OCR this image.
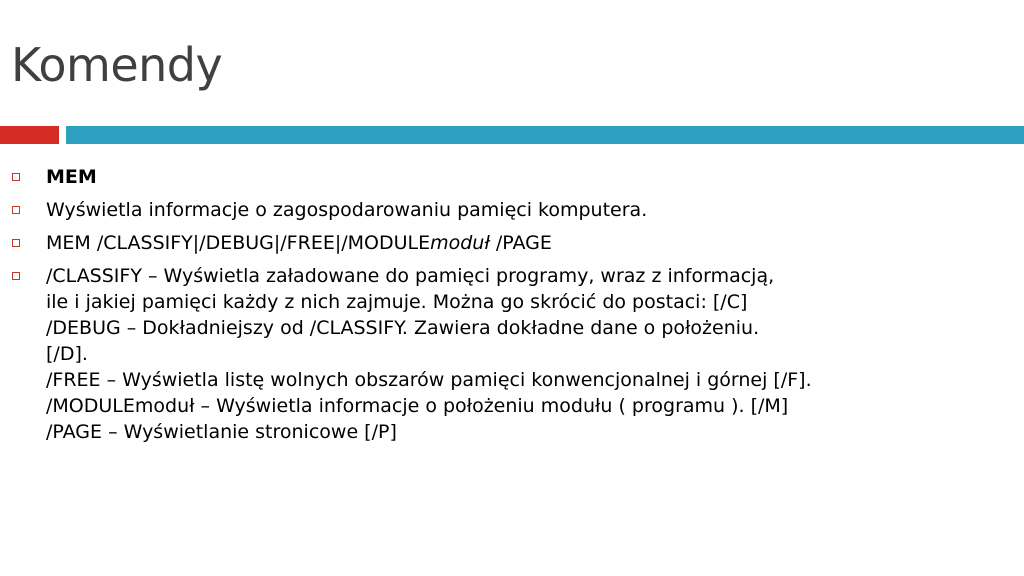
Komendy
MEM
Wyświetla informacje o zagospodarowaniu pamięci komputera.
MEM /CLASSIFY|/DEBUG|/FREE|/MODULEmoduł /PAGE
/CLASSIFY – Wyświetla załadowane do pamięci programy, wraz z informacją,
ile i jakiej pamięci każdy z nich zajmuje. Można go skrócić do postaci: [/C]
/DEBUG – Dokładniejszy od /CLASSIFY. Zawiera dokładne dane o położeniu.
[/D].
/FREE – Wyświetla listę wolnych obszarów pamięci konwencjonalnej i górnej [/F].
/MODULEmoduł – Wyświetla informacje o położeniu modułu ( programu ). [/M]
/PAGE – Wyświetlanie stronicowe [/P]
